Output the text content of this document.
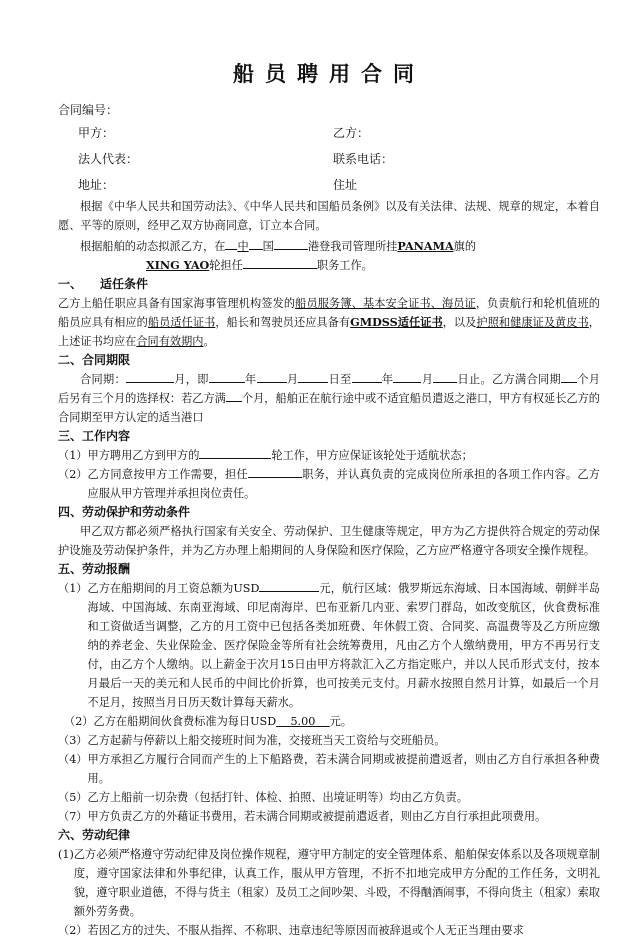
船员聘用合同

合同编号：

甲方：	乙方：
法人代表：	联系电话：
地址：	住址

根据《中华人民共和国劳动法》、《中华人民共和国船员条例》以及有关法律、法规、规章的规定，本着自愿、平等的原则，经甲乙双方协商同意，订立本合同。

根据船舶的动态拟派乙方，在 中 国	港登我司管理所挂PANAMA旗的

XING YAO轮担任	职务工作。

一、　　适任条件

乙方上船任职应具备有国家海事管理机构签发的船员服务簿、基本安全证书、海员证，负责航行和轮机值班的船员应具有相应的船员适任证书，船长和驾驶员还应具备有GMDSS适任证书，以及护照和健康证及黄皮书，上述证书均应在合同有效期内。

二、合同期限

合同期：	月，即	年	月	日至	年	月 日止。乙方满合同期 个月后另有三个月的选择权：若乙方满 个月，船舶正在航行途中或不适宜船员遣返之港口，甲方有权延长乙方的合同期至甲方认定的适当港口

三、工作内容

（1） 甲方聘用乙方到甲方的	轮工作，甲方应保证该轮处于适航状态；
（2） 乙方同意按甲方工作需要，担任	职务，并认真负责的完成岗位所承担的各项工作内容。乙方应服从甲方管理并承担岗位责任。

四、劳动保护和劳动条件

甲乙双方都必须严格执行国家有关安全、劳动保护、卫生健康等规定，甲方为乙方提供符合规定的劳动保护设施及劳动保护条件，并为乙方办理上船期间的人身保险和医疗保险，乙方应严格遵守各项安全操作规程。

五、劳动报酬

（1） 乙方在船期间的月工资总额为USD	元，航行区域：俄罗斯远东海域、日本国海域、朝鲜半岛海域、中国海域、东南亚海域、印尼南海岸、巴布亚新几内亚、索罗门群岛，如改变航区，伙食费标准和工资做适当调整，乙方的月工资中已包括各类加班费、年休假工资、合同奖、高温费等及乙方所应缴纳的养老金、失业保险金、医疗保险金等所有社会统筹费用，凡由乙方个人缴纳费用，甲方不再另行支付，由乙方个人缴纳。以上薪金于次月15日由甲方将款汇入乙方指定账户，并以人民币形式支付，按本月最后一天的美元和人民币的中间比价折算，也可按美元支付。月薪水按照自然月计算，如最后一个月不足月，按照当月日历天数计算每天薪水。
（2） 乙方在船期间伙食费标准为每日USD 5.00 元。
（3） 乙方起薪与停薪以上船交接班时间为准，交接班当天工资给与交班船员。
（4） 甲方承担乙方履行合同而产生的上下船路费，若未满合同期或被提前遣返者，则由乙方自行承担各种费用。
（5） 乙方上船前一切杂费（包括打针、体检、拍照、出境证明等）均由乙方负责。
（7） 甲方负责乙方的外藉证书费用，若未满合同期或被提前遣返者，则由乙方自行承担此项费用。

六、劳动纪律

(1) 乙方必须严格遵守劳动纪律及岗位操作规程，遵守甲方制定的安全管理体系、船舶保安体系以及各项规章制度，遵守国家法律和外事纪律，认真工作，服从甲方管理，不折不扣地完成甲方分配的工作任务，文明礼貌，遵守职业道德，不得与货主（租家）及员工之间吵架、斗殴，不得酗酒闹事，不得向货主（租家）索取额外劳务费。
（2） 若因乙方的过失、不服从指挥、不称职、违章违纪等原因而被辞退或个人无正当理由要求
